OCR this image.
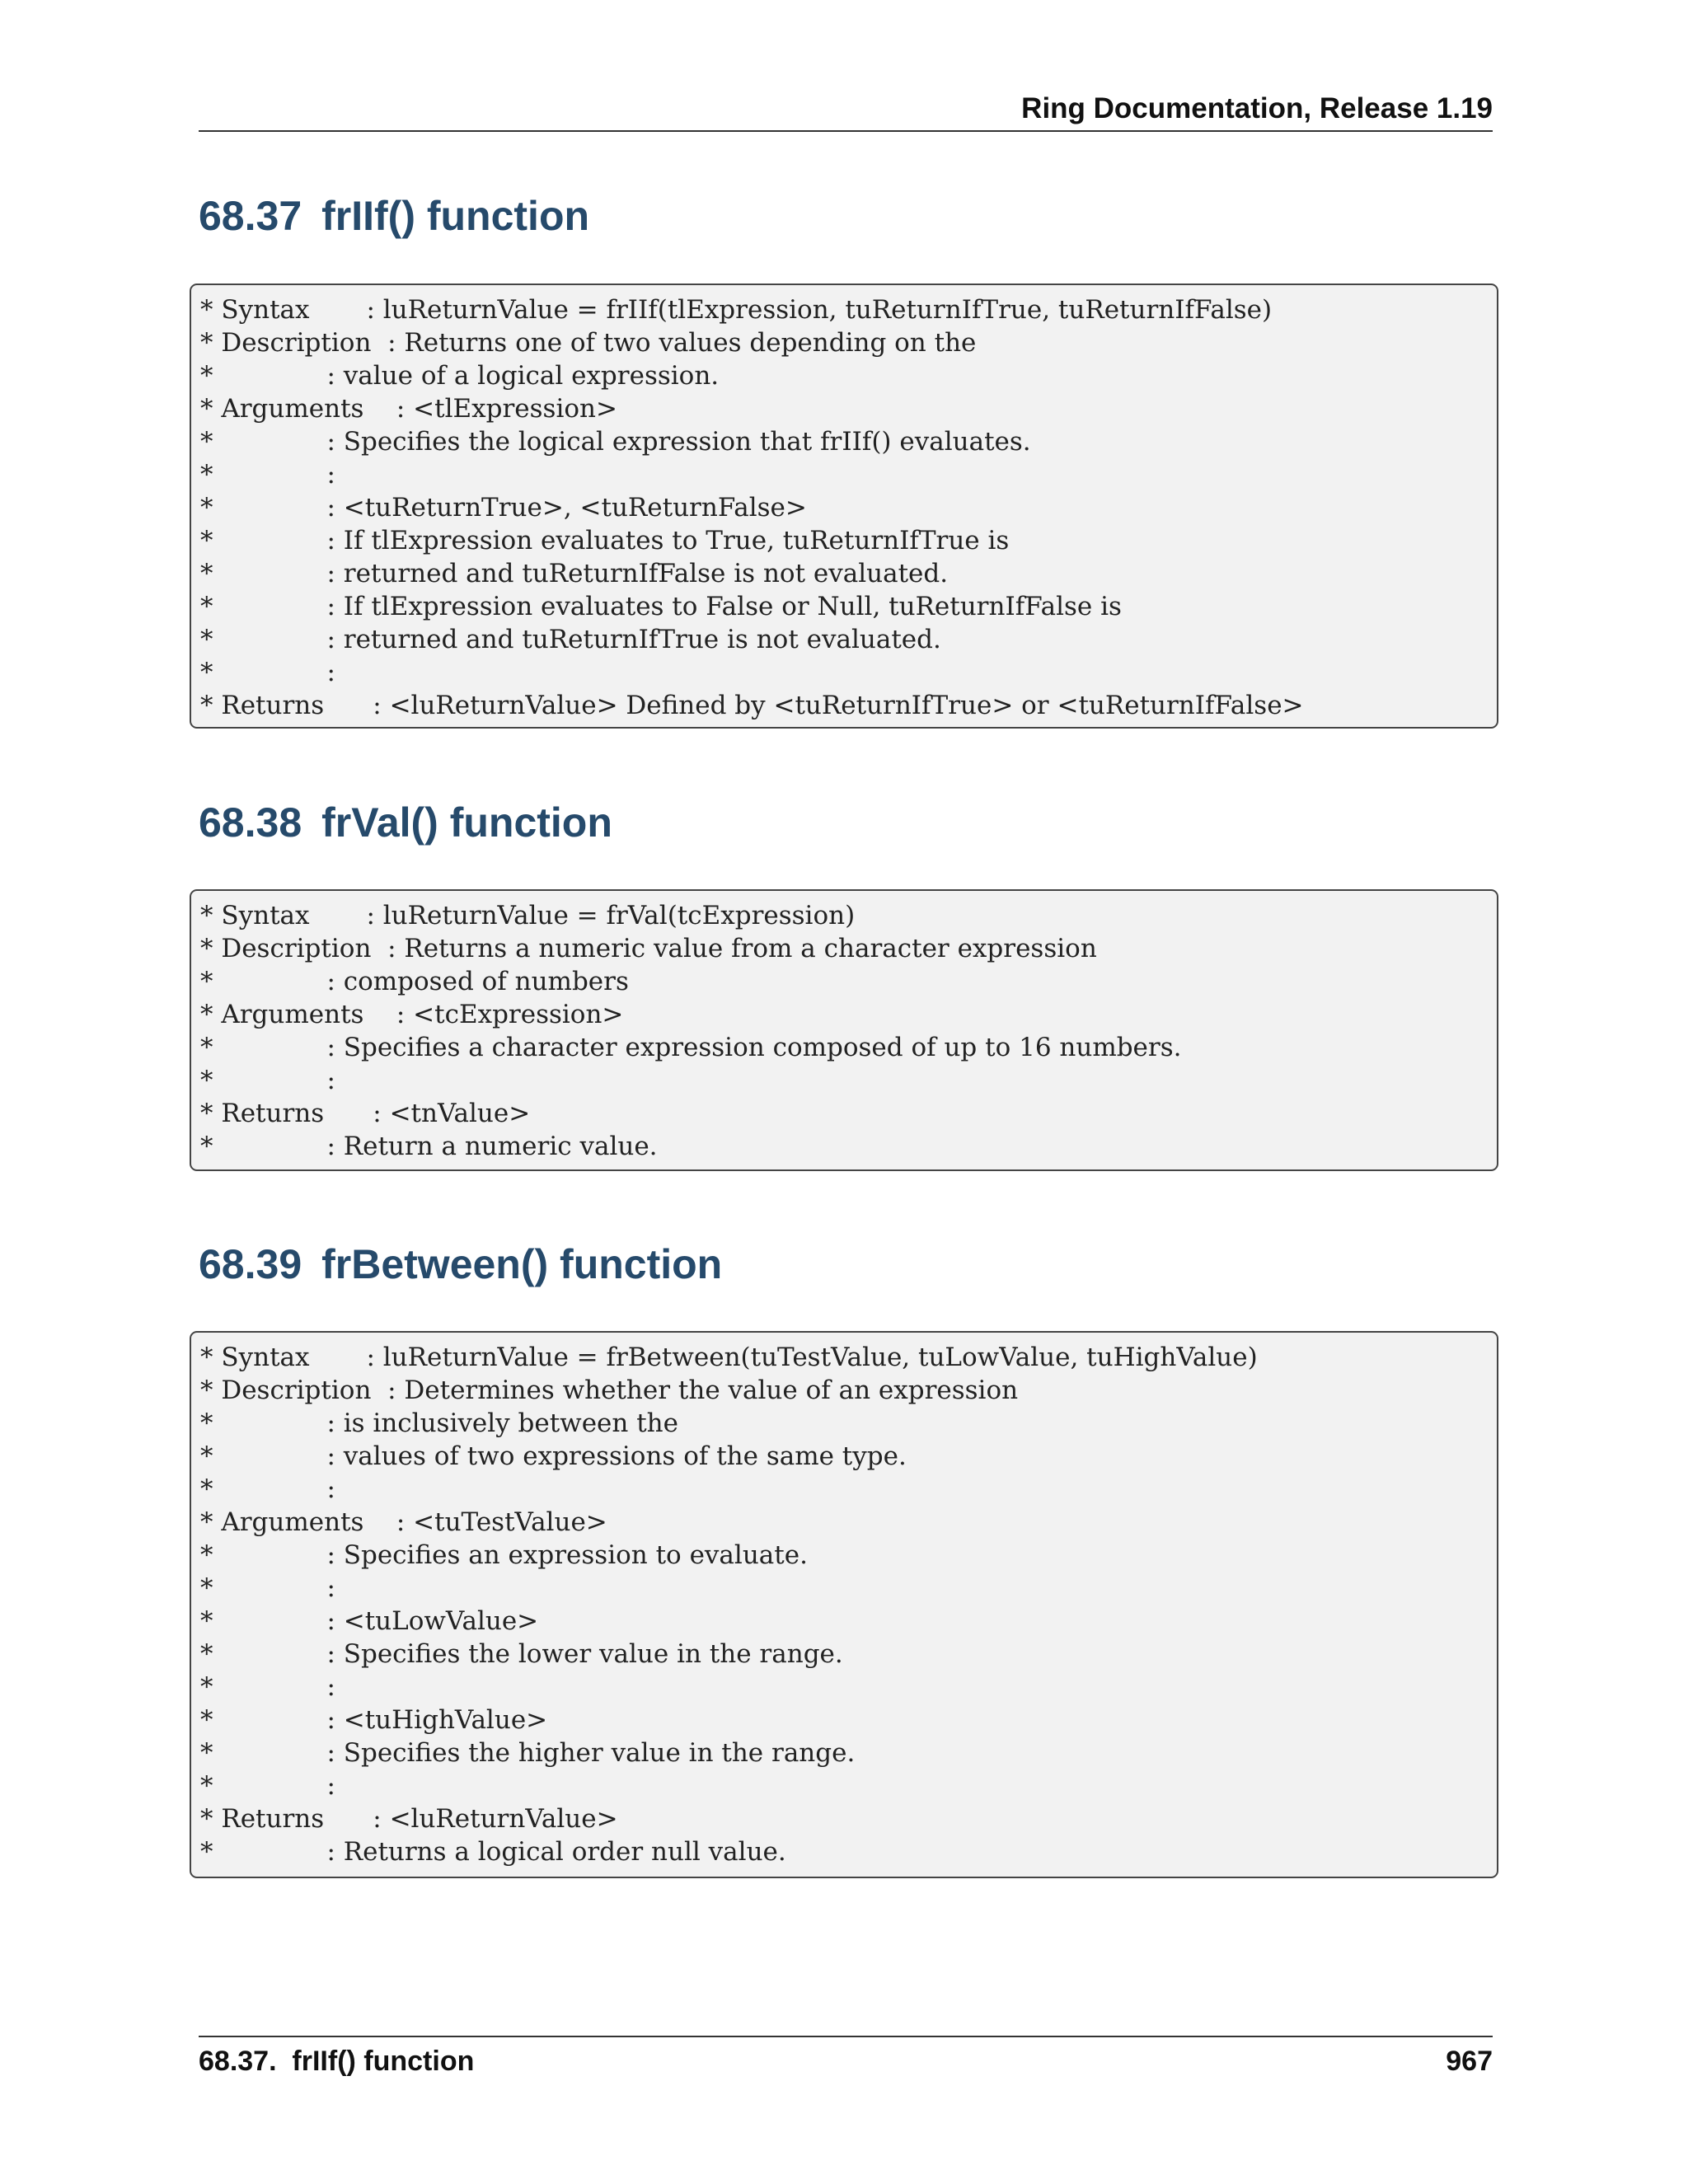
Ring Documentation, Release 1.19
68.37 frIIf() function
* Syntax       : luReturnValue = frIIf(tlExpression, tuReturnIfTrue, tuReturnIfFalse)
* Description  : Returns one of two values depending on the
*              : value of a logical expression.
* Arguments    : <tlExpression>
*              : Specifies the logical expression that frIIf() evaluates.
*              :
*              : <tuReturnTrue>, <tuReturnFalse>
*              : If tlExpression evaluates to True, tuReturnIfTrue is
*              : returned and tuReturnIfFalse is not evaluated.
*              : If tlExpression evaluates to False or Null, tuReturnIfFalse is
*              : returned and tuReturnIfTrue is not evaluated.
*              :
* Returns      : <luReturnValue> Defined by <tuReturnIfTrue> or <tuReturnIfFalse>
68.38 frVal() function
* Syntax       : luReturnValue = frVal(tcExpression)
* Description  : Returns a numeric value from a character expression
*              : composed of numbers
* Arguments    : <tcExpression>
*              : Specifies a character expression composed of up to 16 numbers.
*              :
* Returns      : <tnValue>
*              : Return a numeric value.
68.39 frBetween() function
* Syntax       : luReturnValue = frBetween(tuTestValue, tuLowValue, tuHighValue)
* Description  : Determines whether the value of an expression
*              : is inclusively between the
*              : values of two expressions of the same type.
*              :
* Arguments    : <tuTestValue>
*              : Specifies an expression to evaluate.
*              :
*              : <tuLowValue>
*              : Specifies the lower value in the range.
*              :
*              : <tuHighValue>
*              : Specifies the higher value in the range.
*              :
* Returns      : <luReturnValue>
*              : Returns a logical order null value.
68.37.  frIIf() function	967
